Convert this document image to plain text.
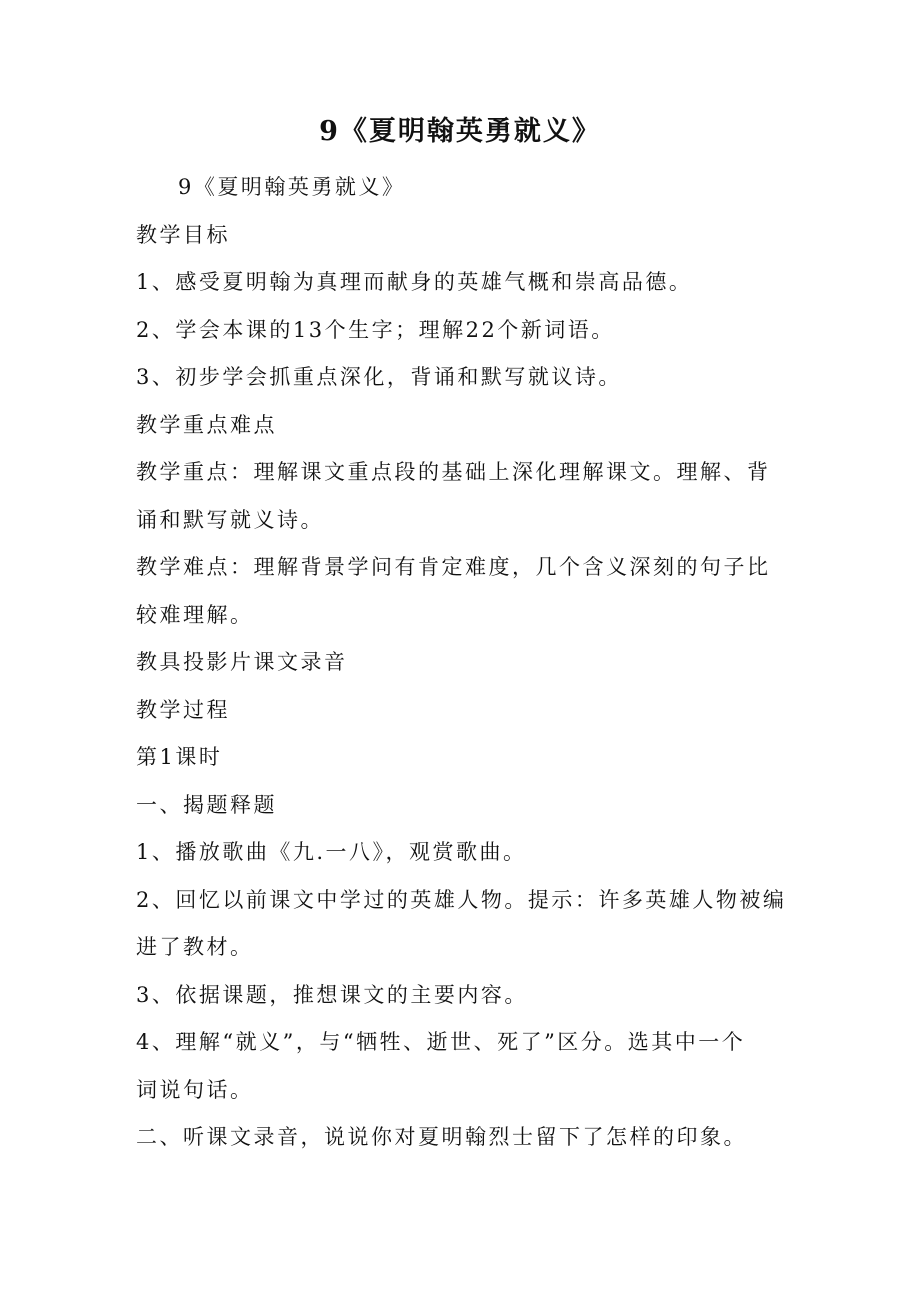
9《夏明翰英勇就义》

9《夏明翰英勇就义》

教学目标

1、感受夏明翰为真理而献身的英雄气概和崇高品德。

2、学会本课的13个生字；理解22个新词语。

3、初步学会抓重点深化，背诵和默写就议诗。

教学重点难点

教学重点：理解课文重点段的基础上深化理解课文。理解、背

诵和默写就义诗。

教学难点：理解背景学问有肯定难度，几个含义深刻的句子比

较难理解。

教具投影片课文录音

教学过程

第1课时

一、揭题释题

1、播放歌曲《九.一八》，观赏歌曲。

2、回忆以前课文中学过的英雄人物。提示：许多英雄人物被编

进了教材。

3、依据课题，推想课文的主要内容。

4、理解“就义”，与“牺牲、逝世、死了”区分。选其中一个

词说句话。

二、听课文录音，说说你对夏明翰烈士留下了怎样的印象。
